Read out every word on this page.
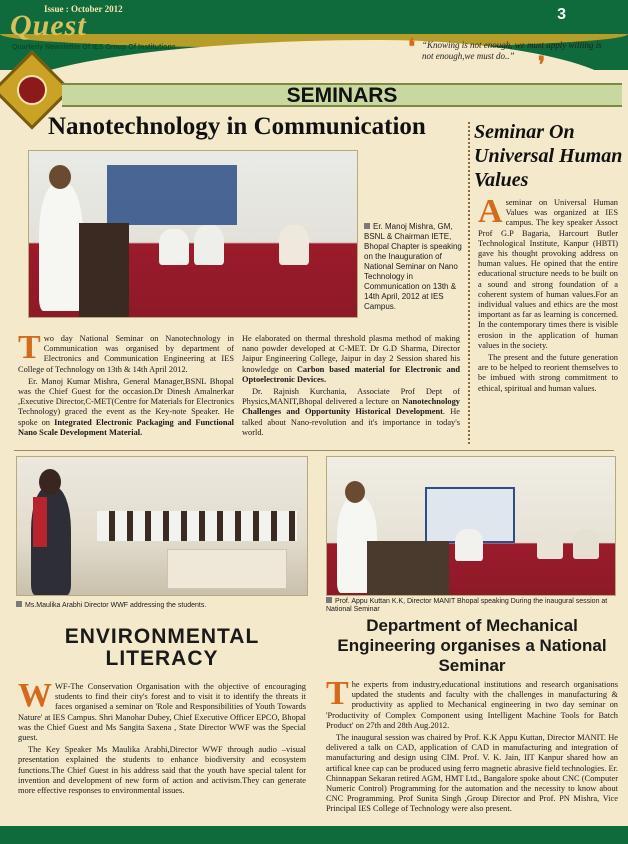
Issue : October 2012
Quest
Quarterly Newsletter Of IES Group Of Institutions
3
❛ “Knowing is not enough, we must apply willing is not enough,we must do..”	❜
SEMINARS
Nanotechnology in Communication Seminar On Universal Human Values
Er. Manoj Mishra, GM, BSNL & Chairman IETE, Bhopal Chapter is speaking on the Inauguration of National Seminar on Nano Technology in Communication on 13th & 14th April, 2012 at IES Campus.
Two day National Seminar on Nanotechnology in Communication was organised by department of Electronics and Communication Engineering at IES College of Technology on 13th & 14th April 2012.

Er. Manoj Kumar Mishra, General Manager,BSNL Bhopal was the Chief Guest for the occasion.Dr Dinesh Amalnerkar ,Executive Director,C-MET(Centre for Materials for Electronics Technology) graced the event as the Key-note Speaker. He spoke on Integrated Electronic Packaging and Functional Nano Scale Development Material.

He elaborated on thermal threshold plasma method of making nano powder developed at C-MET. Dr G.D Sharma, Director Jaipur Engineering College, Jaipur in day 2 Session shared his knowledge on Carbon based material for Electronic and Optoelectronic Devices.

Dr. Rajnish Kurchania, Associate Prof Dept of Physics,MANIT,Bhopal delivered a lecture on Nanotechnology Challenges and Opportunity Historical Development. He talked about Nano-revolution and it's importance in today's world.

Aseminar on Universal Human Values was organized at IES campus. The key speaker Assoct Prof G.P Bagaria, Harcourt Butler Technological Institute, Kanpur (HBTI) gave his thought provoking address on human values. He opined that the entire educational structure needs to be built on a sound and strong foundation of a coherent system of human values.For an individual values and ethics are the most important as far as learning is concerned. In the contemporary times there is visible erosion in the application of human values in the society.

The present and the future generation are to be helped to reorient themselves to be imbued with strong commitment to ethical, spiritual and human values.

Ms.Maulika Arabhi Director WWF addressing the students.
Prof. Appu Kuttan K.K, Director MANIT Bhopal speaking During the inaugural session at National Seminar
ENVIRONMENTAL LITERACY
WWF-The Conservation Organisation with the objective of encouraging students to find their city's forest and to visit it to identify the threats it faces organised a seminar on 'Role and Responsibilities of Youth Towards Nature' at IES Campus. Shri Manohar Dubey, Chief Executive Officer EPCO, Bhopal was the Chief Guest and Ms Sangita Saxena , State Director WWF was the Special guest.

The Key Speaker Ms Maulika Arabhi,Director WWF through audio –visual presentation explained the students to enhance biodiversity and ecosystem functions.The Chief Guest in his address said that the youth have special talent for invention and development of new form of action and activism.They can generate more effective responses to environmental issues.

Department of Mechanical Engineering organises a National Seminar
The experts from industry,educational institutions and research organisations updated the students and faculty with the challenges in manufacturing & productivity as applied to Mechanical engineering in two day seminar on 'Productivity of Complex Component using Intelligent Machine Tools for Batch Product' on 27th and 28th Aug.2012.

The inaugural session was chaired by Prof. K.K Appu Kuttan, Director MANIT. He delivered a talk on CAD, application of CAD in manufacturing and integration of manufacturing and design using CIM. Prof. V. K. Jain, IIT Kanpur shared how an artifical knee cap can be produced using ferro magnetic abrasive field technologies. Er. Chinnappan Sekaran retired AGM, HMT Ltd., Bangalore spoke about CNC (Computer Numeric Control) Programming for the automation and the necessity to know about CNC Programming. Prof Sunita Singh ,Group Director and Prof. PN Mishra, Vice Principal IES College of Technology were also present.
